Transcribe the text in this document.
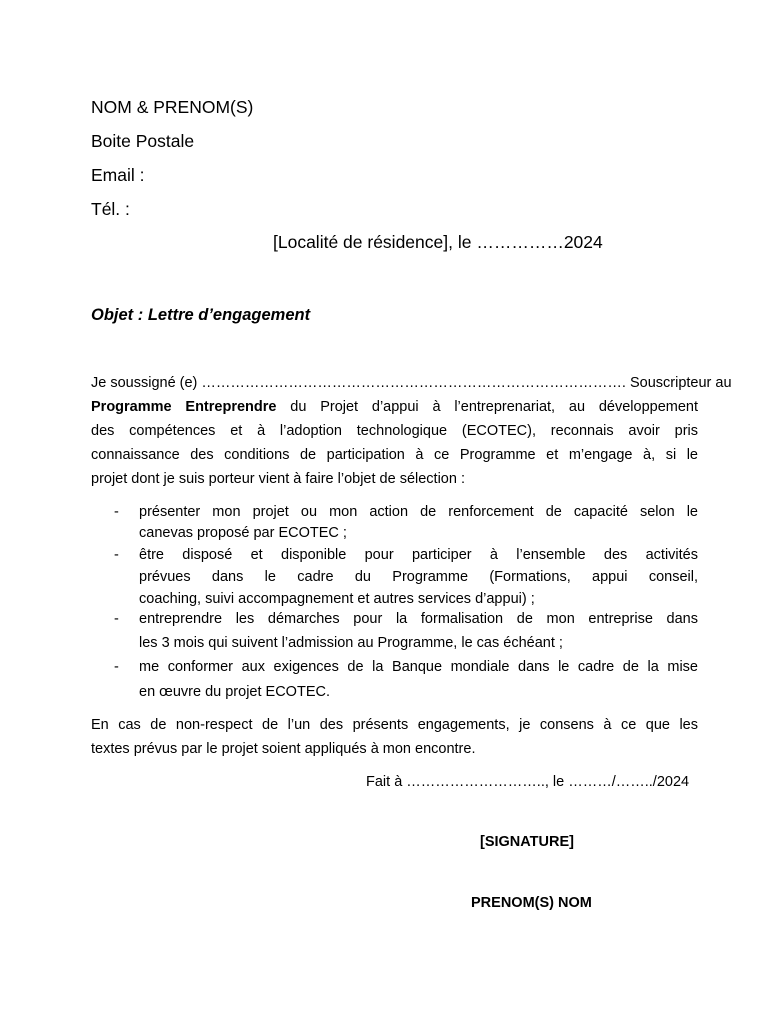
NOM & PRENOM(S)
Boite Postale
Email :
Tél. :
[Localité de résidence], le ……………2024
Objet : Lettre d’engagement
Je soussigné (e) ……………………………………………………………………………. Souscripteur au
Programme Entreprendre du Projet d’appui à l’entreprenariat, au développement
des compétences et à l’adoption technologique (ECOTEC), reconnais avoir pris
connaissance des conditions de participation à ce Programme et m’engage à, si le
projet dont je suis porteur vient à faire l’objet de sélection :
- présenter mon projet ou mon action de renforcement de capacité selon le
canevas proposé par ECOTEC ;
- être disposé et disponible pour participer à l’ensemble des activités
prévues dans le cadre du Programme (Formations, appui conseil,
coaching, suivi accompagnement et autres services d’appui) ;
- entreprendre les démarches pour la formalisation de mon entreprise dans
les 3 mois qui suivent l’admission au Programme, le cas échéant ;
- me conformer aux exigences de la Banque mondiale dans le cadre de la mise
en œuvre du projet ECOTEC.
En cas de non-respect de l’un des présents engagements, je consens à ce que les
textes prévus par le projet soient appliqués à mon encontre.
Fait à ……………………….., le ………/……../2024
[SIGNATURE]
PRENOM(S) NOM
